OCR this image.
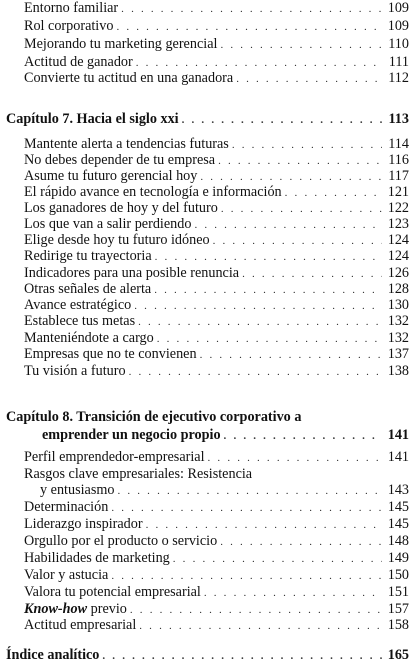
Entorno familiar . . .	109
Rol corporativo . . .	109
Mejorando tu marketing gerencial . . .	110
Actitud de ganador . . .	111
Convierte tu actitud en una ganadora . . .	112
Capítulo 7. Hacia el siglo xxi . . .	113
Mantente alerta a tendencias futuras . . .	114
No debes depender de tu empresa . . .	116
Asume tu futuro gerencial hoy . . .	117
El rápido avance en tecnología e información . . .	121
Los ganadores de hoy y del futuro . . .	122
Los que van a salir perdiendo . . .	123
Elige desde hoy tu futuro idóneo . . .	124
Redirige tu trayectoria . . .	124
Indicadores para una posible renuncia . . .	126
Otras señales de alerta . . .	128
Avance estratégico . . .	130
Establece tus metas . . .	132
Manteniéndote a cargo . . .	132
Empresas que no te convienen . . .	137
Tu visión a futuro . . .	138
Capítulo 8. Transición de ejecutivo corporativo a
emprender un negocio propio . . .	141
Perfil emprendedor-empresarial . . .	141
Rasgos clave empresariales: Resistencia
y entusiasmo . . .	143
Determinación . . .	145
Liderazgo inspirador . . .	145
Orgullo por el producto o servicio . . .	148
Habilidades de marketing . . .	149
Valor y astucia . . .	150
Valora tu potencial empresarial . . .	151
Know-how previo . . .	157
Actitud empresarial . . .	158
Índice analítico . . .	165
